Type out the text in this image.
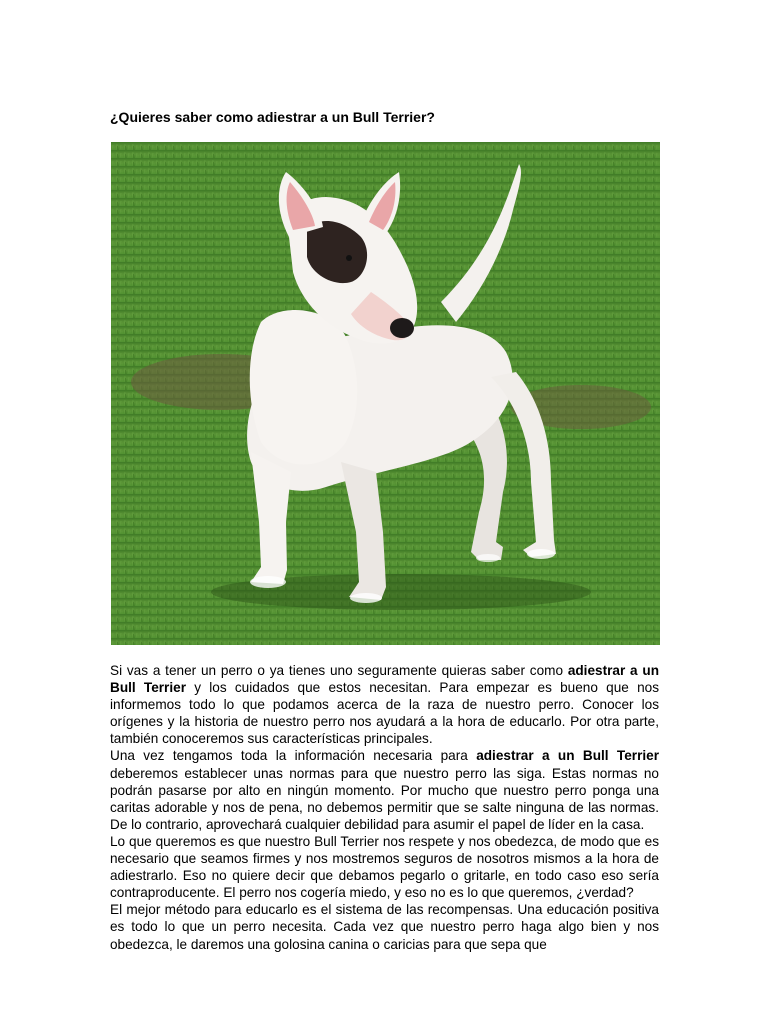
¿Quieres saber como adiestrar a un Bull Terrier?

Si vas a tener un perro o ya tienes uno seguramente quieras saber como adiestrar a un Bull Terrier y los cuidados que estos necesitan. Para empezar es bueno que nos informemos todo lo que podamos acerca de la raza de nuestro perro. Conocer los orígenes y la historia de nuestro perro nos ayudará a la hora de educarlo. Por otra parte, también conoceremos sus características principales.

Una vez tengamos toda la información necesaria para adiestrar a un Bull Terrier deberemos establecer unas normas para que nuestro perro las siga. Estas normas no podrán pasarse por alto en ningún momento. Por mucho que nuestro perro ponga una caritas adorable y nos de pena, no debemos permitir que se salte ninguna de las normas. De lo contrario, aprovechará cualquier debilidad para asumir el papel de líder en la casa.

Lo que queremos es que nuestro Bull Terrier nos respete y nos obedezca, de modo que es necesario que seamos firmes y nos mostremos seguros de nosotros mismos a la hora de adiestrarlo. Eso no quiere decir que debamos pegarlo o gritarle, en todo caso eso sería contraproducente. El perro nos cogería miedo, y eso no es lo que queremos, ¿verdad?

El mejor método para educarlo es el sistema de las recompensas. Una educación positiva es todo lo que un perro necesita. Cada vez que nuestro perro haga algo bien y nos obedezca, le daremos una golosina canina o caricias para que sepa que
